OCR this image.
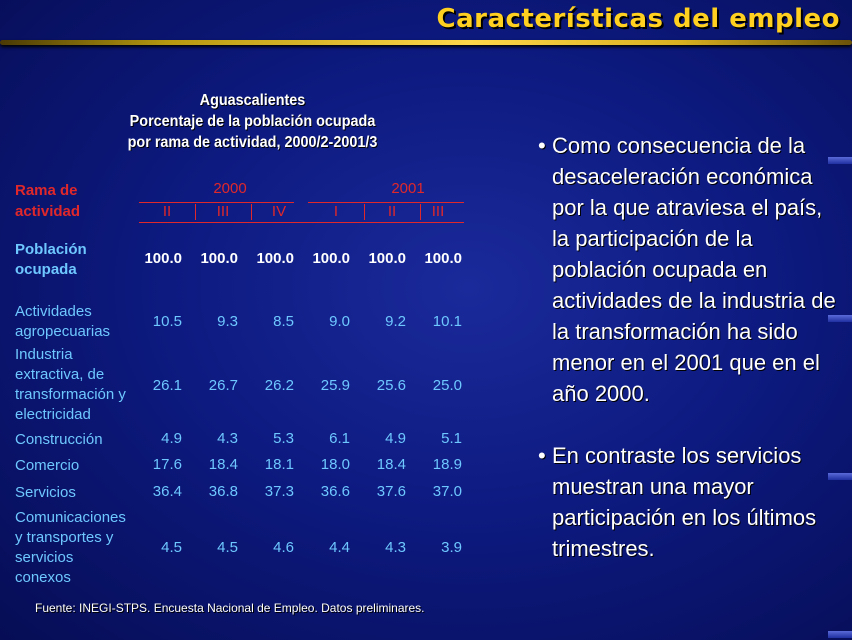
Características del empleo
Aguascalientes
Porcentaje de la población ocupada
por rama de actividad, 2000/2-2001/3
Rama de
actividad
2000	2001
II	III	IV	I	II	III
Población
ocupada
100.0	100.0	100.0	100.0	100.0	100.0
Actividades
agropecuarias
10.5	9.3	8.5	9.0	9.2	10.1
Industria
extractiva, de
transformación y
electricidad
26.1	26.7	26.2	25.9	25.6	25.0
Construcción	4.9	4.3	5.3	6.1	4.9	5.1
Comercio	17.6	18.4	18.1	18.0	18.4	18.9
Servicios	36.4	36.8	37.3	36.6	37.6	37.0
Comunicaciones
y transportes y
servicios
conexos
4.5	4.5	4.6	4.4	4.3	3.9
Fuente: INEGI-STPS. Encuesta Nacional de Empleo. Datos preliminares.
• Como consecuencia de la
desaceleración económica
por la que atraviesa el país,
la participación de la
población ocupada en
actividades de la industria de
la transformación ha sido
menor en el 2001 que en el
año 2000.
• En contraste los servicios
muestran una mayor
participación en los últimos
trimestres.
